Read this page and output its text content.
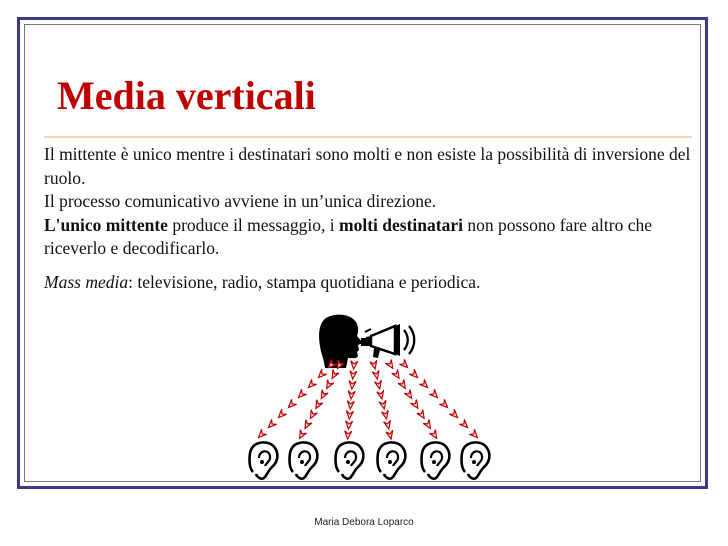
Media verticali

Il mittente è unico mentre i destinatari sono molti e non esiste la possibilità di inversione del ruolo.

Il processo comunicativo avviene in un’unica direzione.

L'unico mittente produce il messaggio, i molti destinatari non possono fare altro che riceverlo e decodificarlo.

Mass media: televisione, radio, stampa quotidiana e periodica.

Maria Debora Loparco
